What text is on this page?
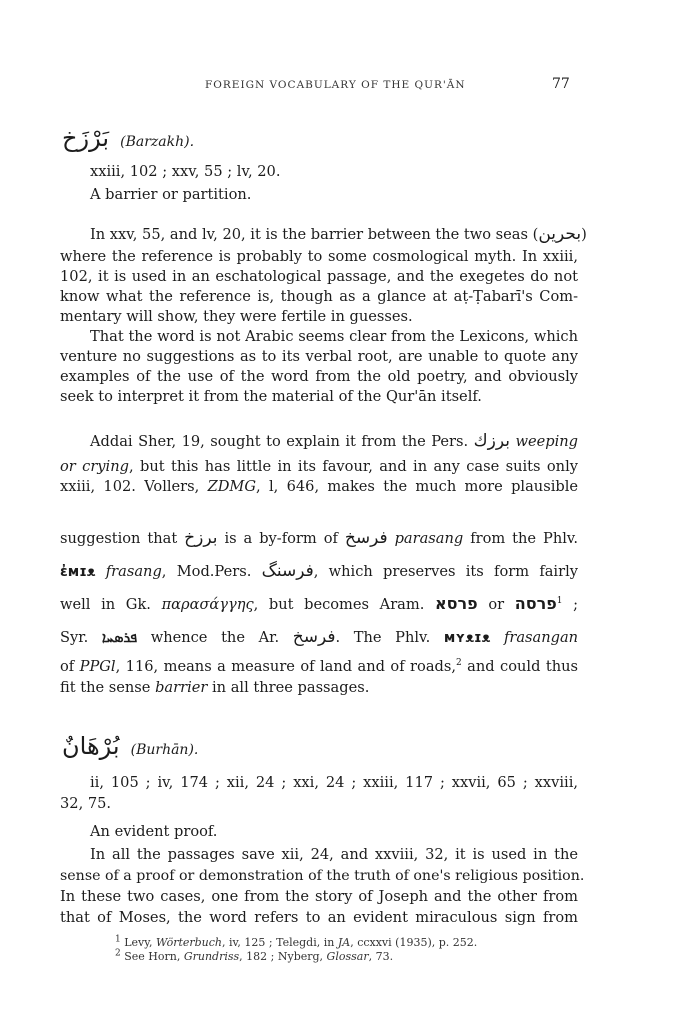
FOREIGN VOCABULARY OF THE QUR'ĀN	77
بَرْزَخ (Barzakh).
xxiii, 102 ; xxv, 55 ; lv, 20.
A barrier or partition.
In xxv, 55, and lv, 20, it is the barrier between the two seas (بحرين)
where the reference is probably to some cosmological myth. In xxiii,
102, it is used in an eschatological passage, and the exegetes do not
know what the reference is, though as a glance at aṭ-Ṭabarī's Com-
mentary will show, they were fertile in guesses.
That the word is not Arabic seems clear from the Lexicons, which
venture no suggestions as to its verbal root, are unable to quote any
examples of the use of the word from the old poetry, and obviously
seek to interpret it from the material of the Qur'ān itself.
Addai Sher, 19, sought to explain it from the Pers. برزك weeping
or crying, but this has little in its favour, and in any case suits only
xxiii, 102. Vollers, ZDMG, l, 646, makes the much more plausible
suggestion that برزخ is a by-form of فرسخ parasang from the Phlv.
ɛ̓ᴍɪᴥ frasang, Mod.Pers. فرسنگ, which preserves its form fairly
well in Gk. παρασάγγης, but becomes Aram. פרסא or פרסה$^1$ ;
Syr. ܦܪܣܚܐ whence the Ar. فرسخ. The Phlv. ᴍʏᴥɪᴥ frasangan
of PPGl, 116, means a measure of land and of roads,$^2$ and could thus
fit the sense barrier in all three passages.
بُرْهَانٌ (Burhān).
ii, 105 ; iv, 174 ; xii, 24 ; xxi, 24 ; xxiii, 117 ; xxvii, 65 ; xxviii,
32, 75.
An evident proof.
In all the passages save xii, 24, and xxviii, 32, it is used in the
sense of a proof or demonstration of the truth of one's religious position.
In these two cases, one from the story of Joseph and the other from
that of Moses, the word refers to an evident miraculous sign from
$^1$ Levy, Wörterbuch, iv, 125 ; Telegdi, in JA, ccxxvi (1935), p. 252.
$^2$ See Horn, Grundriss, 182 ; Nyberg, Glossar, 73.
